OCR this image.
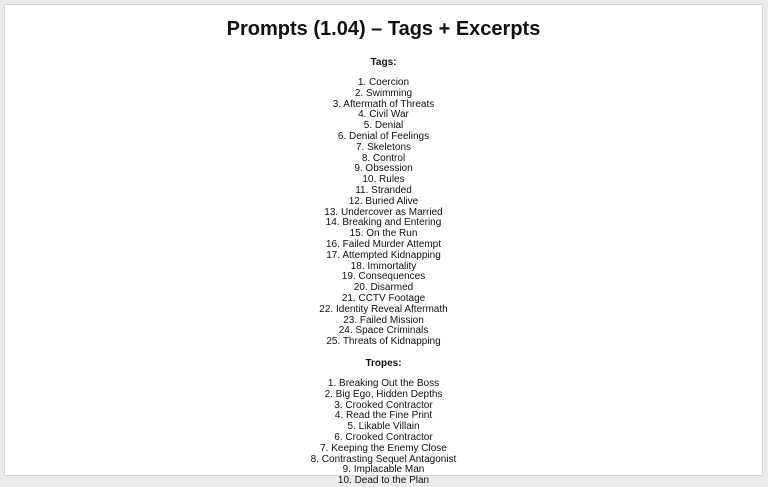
Prompts (1.04) – Tags + Excerpts

Tags:

1. Coercion
2. Swimming
3. Aftermath of Threats
4. Civil War
5. Denial
6. Denial of Feelings
7. Skeletons
8. Control
9. Obsession
10. Rules
11. Stranded
12. Buried Alive
13. Undercover as Married
14. Breaking and Entering
15. On the Run
16. Failed Murder Attempt
17. Attempted Kidnapping
18. Immortality
19. Consequences
20. Disarmed
21. CCTV Footage
22. Identity Reveal Aftermath
23. Failed Mission
24. Space Criminals
25. Threats of Kidnapping

Tropes:

1. Breaking Out the Boss
2. Big Ego, Hidden Depths
3. Crooked Contractor
4. Read the Fine Print
5. Likable Villain
6. Crooked Contractor
7. Keeping the Enemy Close
8. Contrasting Sequel Antagonist
9. Implacable Man
10. Dead to the Plan
